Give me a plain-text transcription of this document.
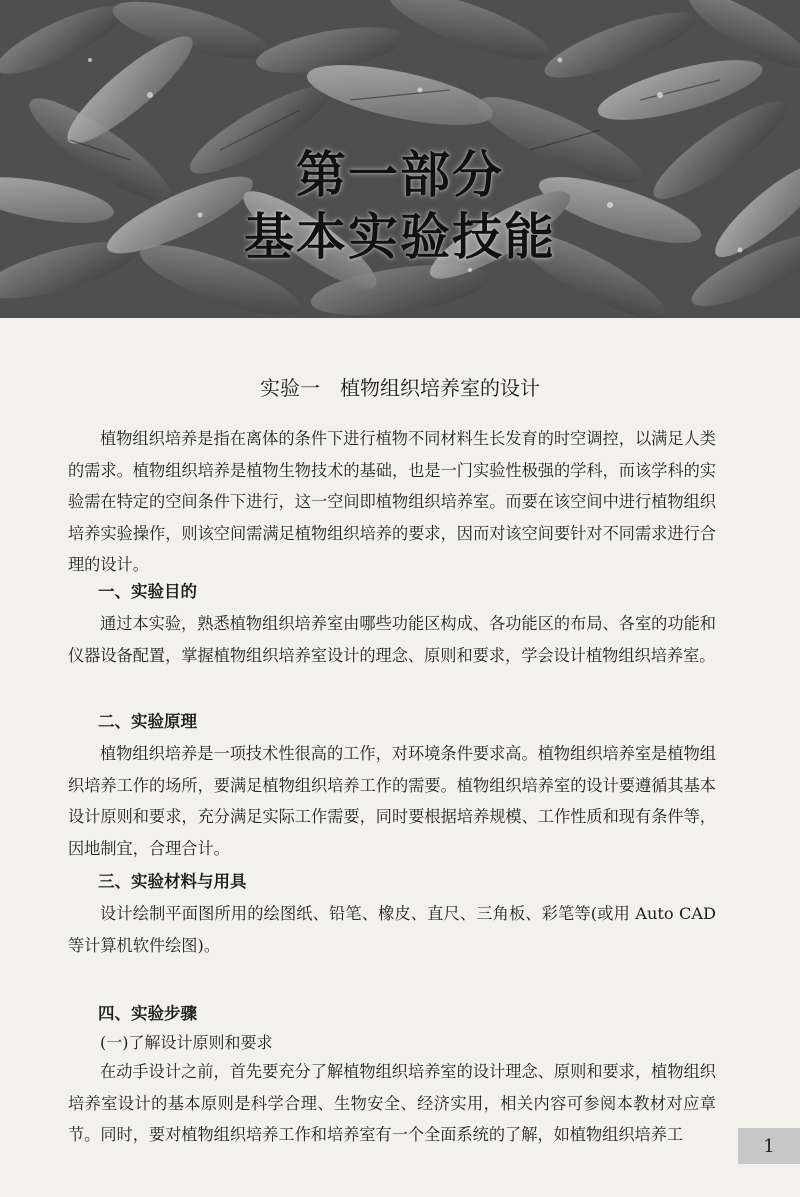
第一部分
基本实验技能
实验一　植物组织培养室的设计
植物组织培养是指在离体的条件下进行植物不同材料生长发育的时空调控，以满足人类的需求。植物组织培养是植物生物技术的基础，也是一门实验性极强的学科，而该学科的实验需在特定的空间条件下进行，这一空间即植物组织培养室。而要在该空间中进行植物组织培养实验操作，则该空间需满足植物组织培养的要求，因而对该空间要针对不同需求进行合理的设计。
一、实验目的
通过本实验，熟悉植物组织培养室由哪些功能区构成、各功能区的布局、各室的功能和仪器设备配置，掌握植物组织培养室设计的理念、原则和要求，学会设计植物组织培养室。
二、实验原理
植物组织培养是一项技术性很高的工作，对环境条件要求高。植物组织培养室是植物组织培养工作的场所，要满足植物组织培养工作的需要。植物组织培养室的设计要遵循其基本设计原则和要求，充分满足实际工作需要，同时要根据培养规模、工作性质和现有条件等，因地制宜，合理合计。
三、实验材料与用具
设计绘制平面图所用的绘图纸、铅笔、橡皮、直尺、三角板、彩笔等(或用 Auto CAD 等计算机软件绘图)。
四、实验步骤
(一)了解设计原则和要求
在动手设计之前，首先要充分了解植物组织培养室的设计理念、原则和要求，植物组织培养室设计的基本原则是科学合理、生物安全、经济实用，相关内容可参阅本教材对应章节。同时，要对植物组织培养工作和培养室有一个全面系统的了解，如植物组织培养工
1
